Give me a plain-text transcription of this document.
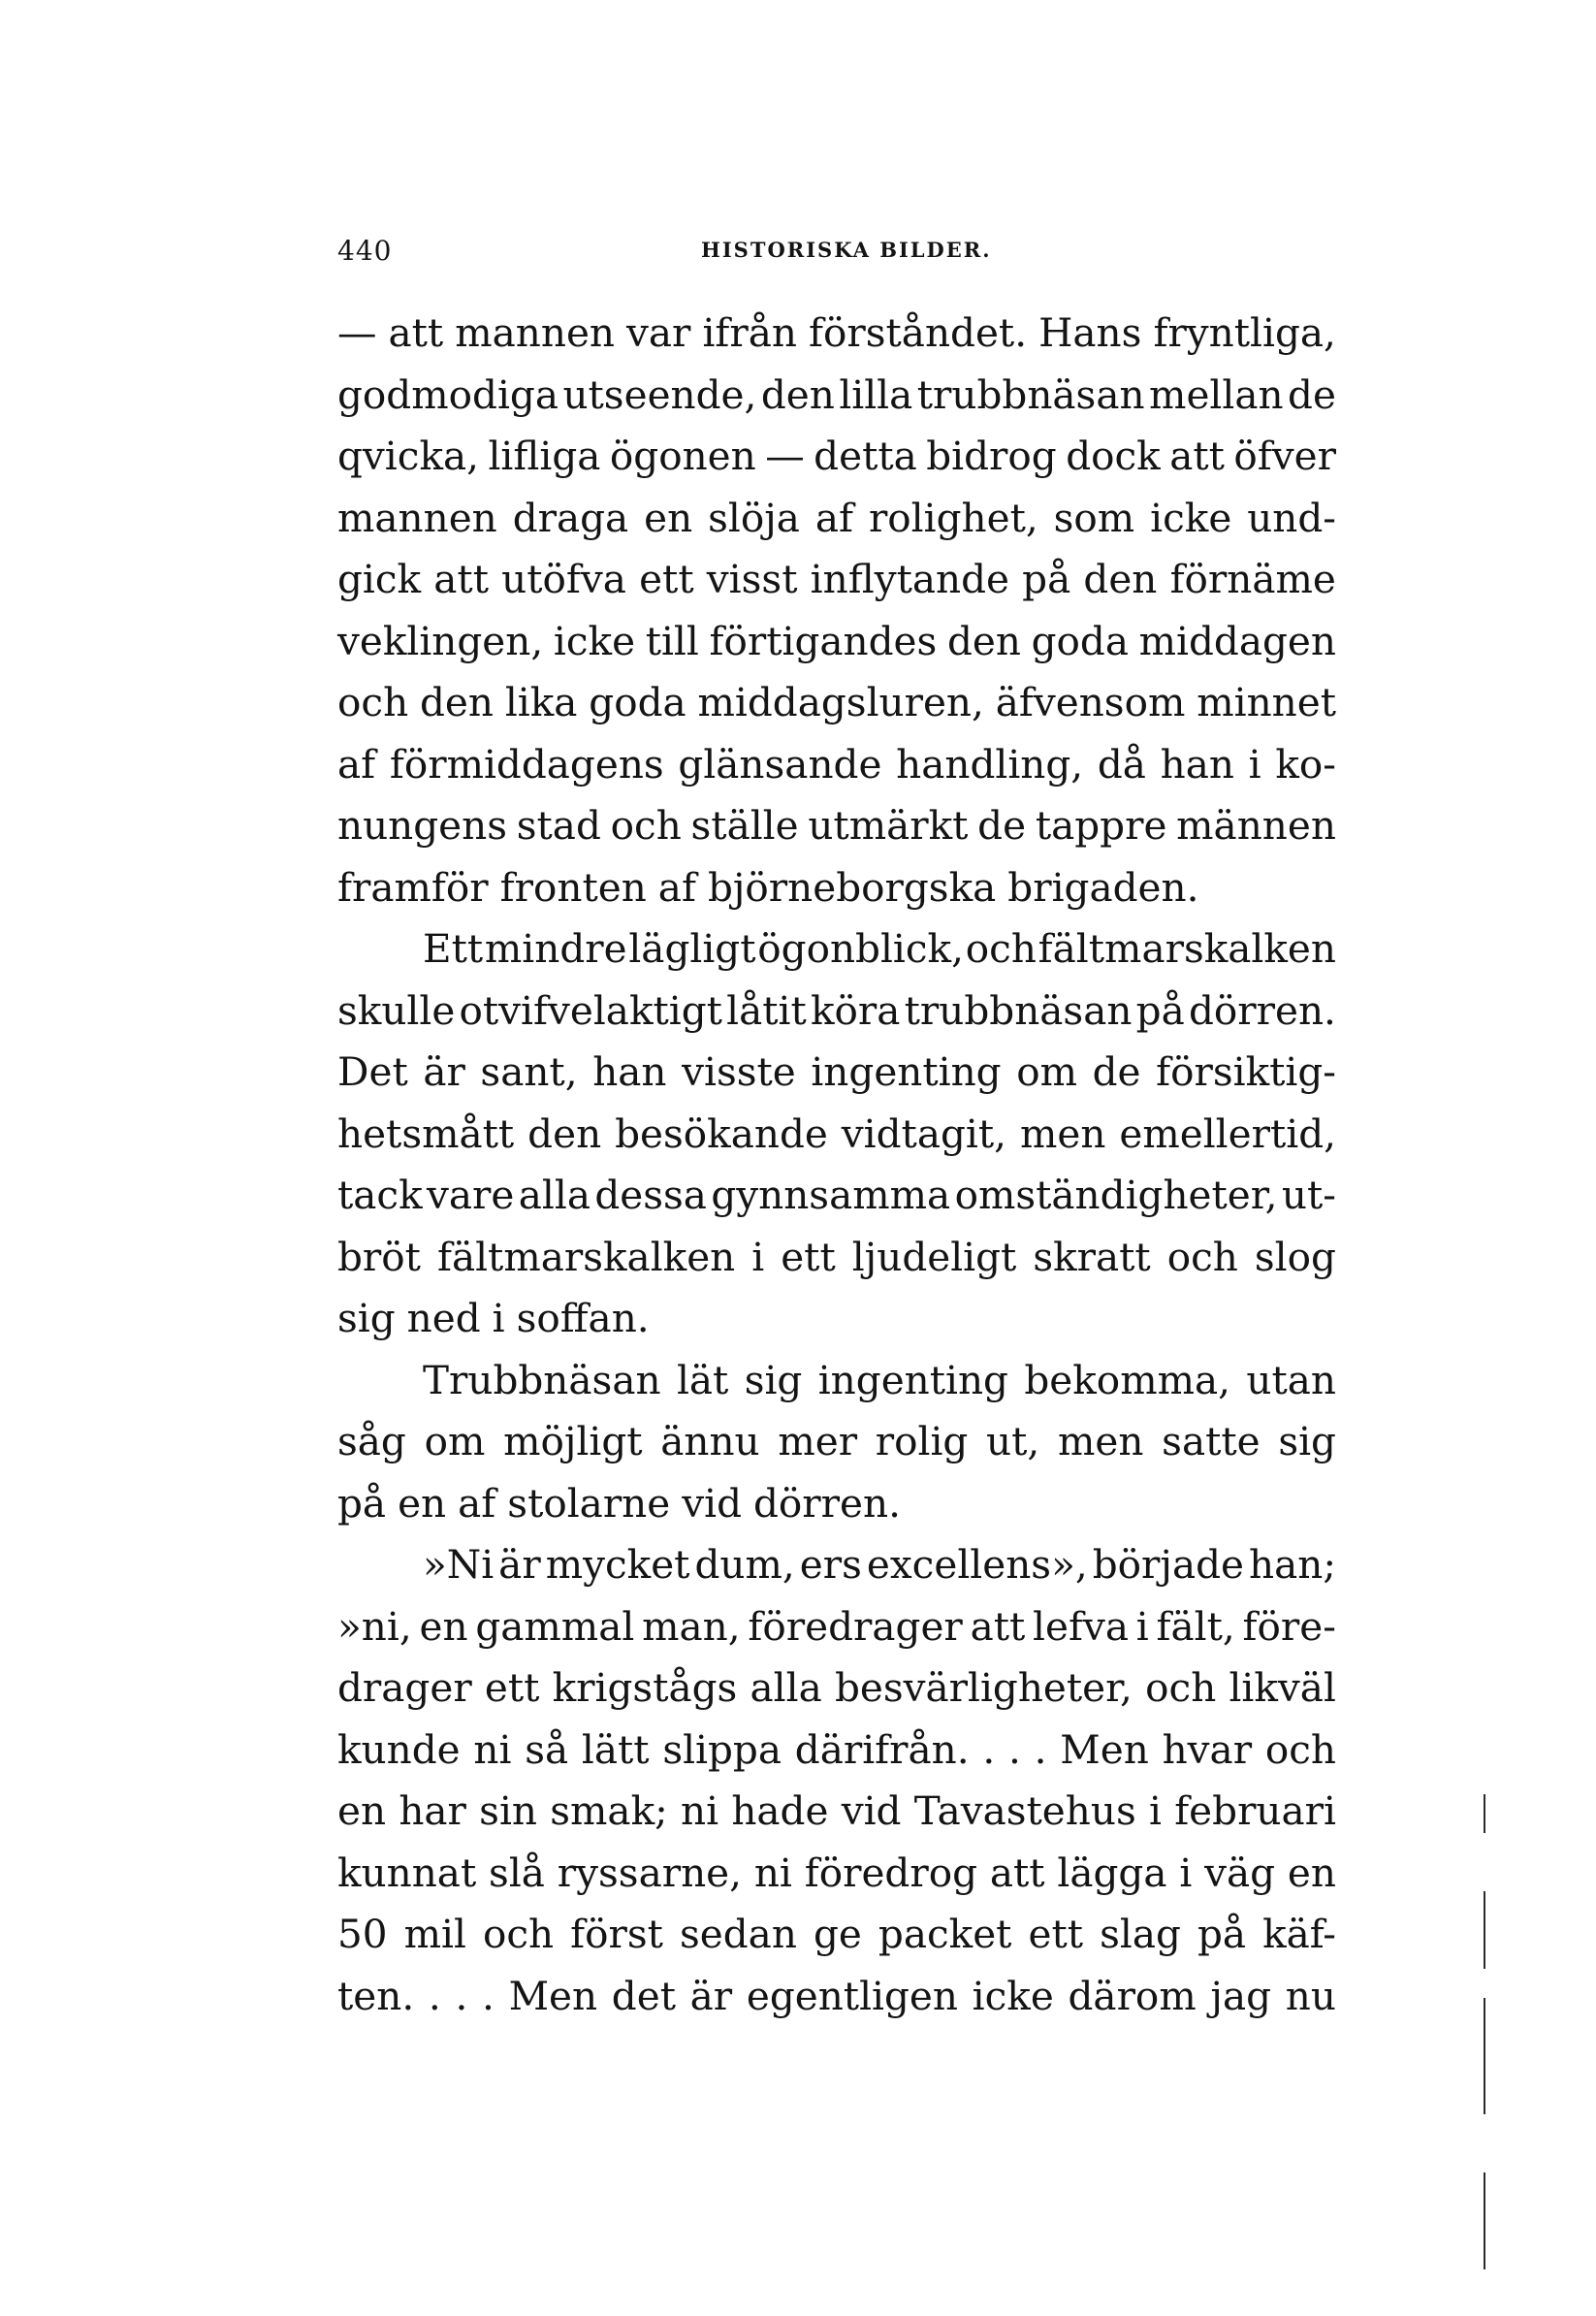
440	HISTORISKA BILDER.
— att mannen var ifrån förståndet. Hans fryntliga,
godmodiga utseende, den lilla trubbnäsan mellan de
qvicka, lifliga ögonen — detta bidrog dock att öfver
mannen draga en slöja af rolighet, som icke und-
gick att utöfva ett visst inflytande på den förnäme
veklingen, icke till förtigandes den goda middagen
och den lika goda middagsluren, äfvensom minnet
af förmiddagens glänsande handling, då han i ko-
nungens stad och ställe utmärkt de tappre männen
framför fronten af björneborgska brigaden.
Ett mindre lägligt ögonblick, och fältmarskalken
skulle otvifvelaktigt låtit köra trubbnäsan på dörren.
Det är sant, han visste ingenting om de försiktig-
hetsmått den besökande vidtagit, men emellertid,
tack vare alla dessa gynnsamma omständigheter, ut-
bröt fältmarskalken i ett ljudeligt skratt och slog
sig ned i soffan.
Trubbnäsan lät sig ingenting bekomma, utan
såg om möjligt ännu mer rolig ut, men satte sig
på en af stolarne vid dörren.
»Ni är mycket dum, ers excellens», började han;
»ni, en gammal man, föredrager att lefva i fält, före-
drager ett krigstågs alla besvärligheter, och likväl
kunde ni så lätt slippa därifrån. . . . Men hvar och
en har sin smak; ni hade vid Tavastehus i februari
kunnat slå ryssarne, ni föredrog att lägga i väg en
50 mil och först sedan ge packet ett slag på käf-
ten. . . . Men det är egentligen icke därom jag nu
